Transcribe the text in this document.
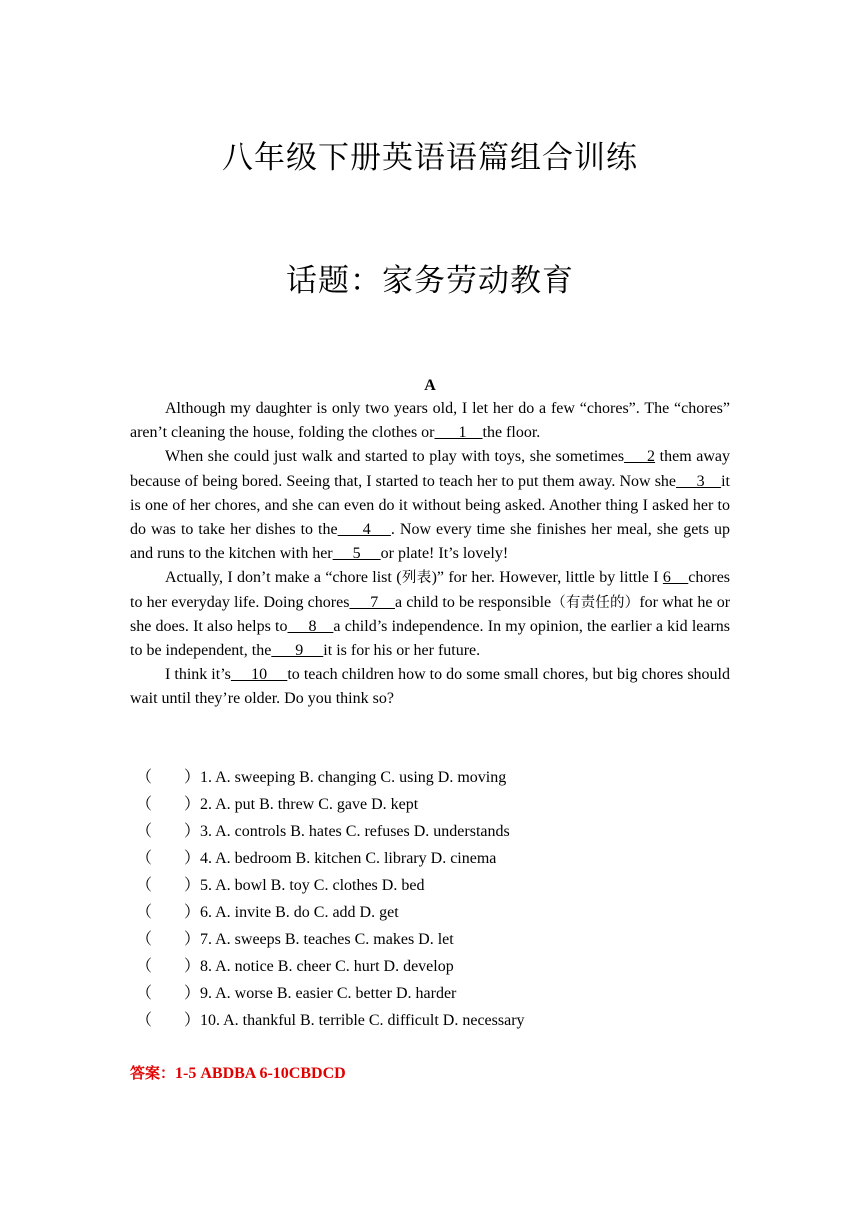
八年级下册英语语篇组合训练
话题：家务劳动教育
A

Although my daughter is only two years old, I let her do a few “chores”. The “chores” aren’t cleaning the house, folding the clothes or      1    the floor.

When she could just walk and started to play with toys, she sometimes     2 them away because of being bored. Seeing that, I started to teach her to put them away. Now she     3    it is one of her chores, and she can even do it without being asked. Another thing I asked her to do was to take her dishes to the     4    . Now every time she finishes her meal, she gets up and runs to the kitchen with her     5     or plate! It’s lovely!

Actually, I don’t make a “chore list (列表)” for her. However, little by little I 6    chores to her everyday life. Doing chores     7    a child to be responsible（有责任的）for what he or she does. It also helps to     8    a child’s independence. In my opinion, the earlier a kid learns to be independent, the      9     it is for his or her future.

I think it’s     10     to teach children how to do some small chores, but big chores should wait until they’re older. Do you think so?

（        ）1. A. sweeping B. changing C. using D. moving
（        ）2. A. put B. threw C. gave D. kept
（        ）3. A. controls B. hates C. refuses D. understands
（        ）4. A. bedroom B. kitchen C. library D. cinema
（        ）5. A. bowl B. toy C. clothes D. bed
（        ）6. A. invite B. do C. add D. get
（        ）7. A. sweeps B. teaches C. makes D. let
（        ）8. A. notice B. cheer C. hurt D. develop
（        ）9. A. worse B. easier C. better D. harder
（        ）10. A. thankful B. terrible C. difficult D. necessary
答案：1-5 ABDBA 6-10CBDCD
